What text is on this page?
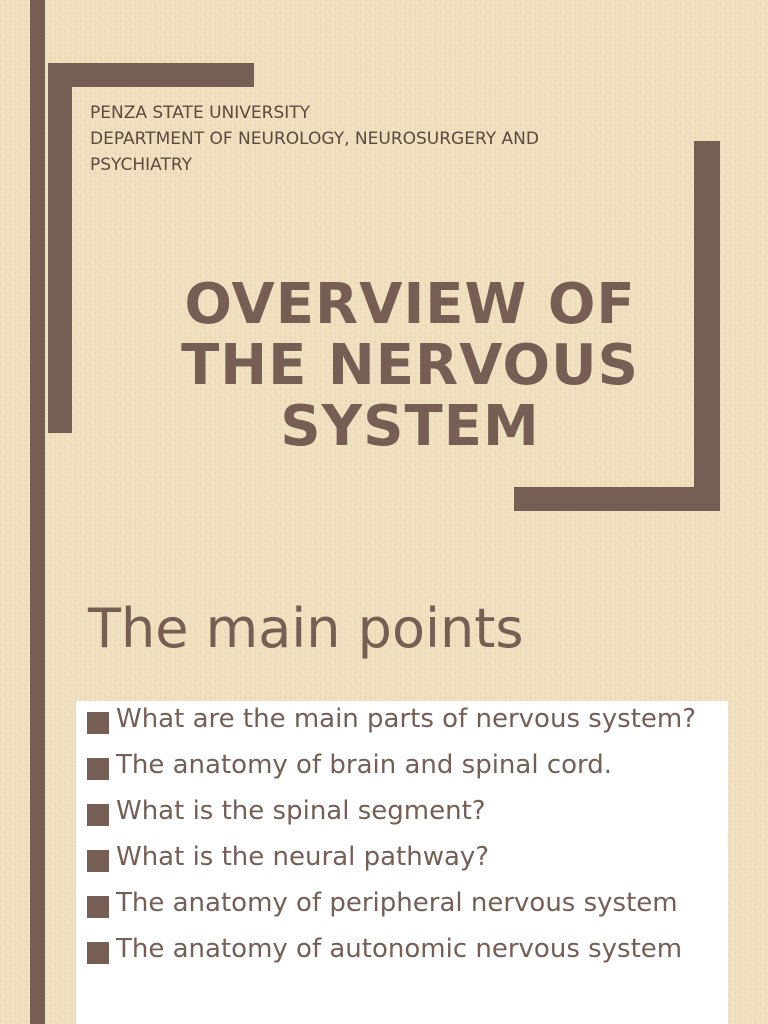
PENZA STATE UNIVERSITY
DEPARTMENT OF NEUROLOGY, NEUROSURGERY AND
PSYCHIATRY
OVERVIEW OF
THE NERVOUS
SYSTEM
The main points
What are the main parts of nervous system?
The anatomy of brain and spinal cord.
What is the spinal segment?
What is the neural pathway?
The anatomy of peripheral nervous system
The anatomy of autonomic nervous system
